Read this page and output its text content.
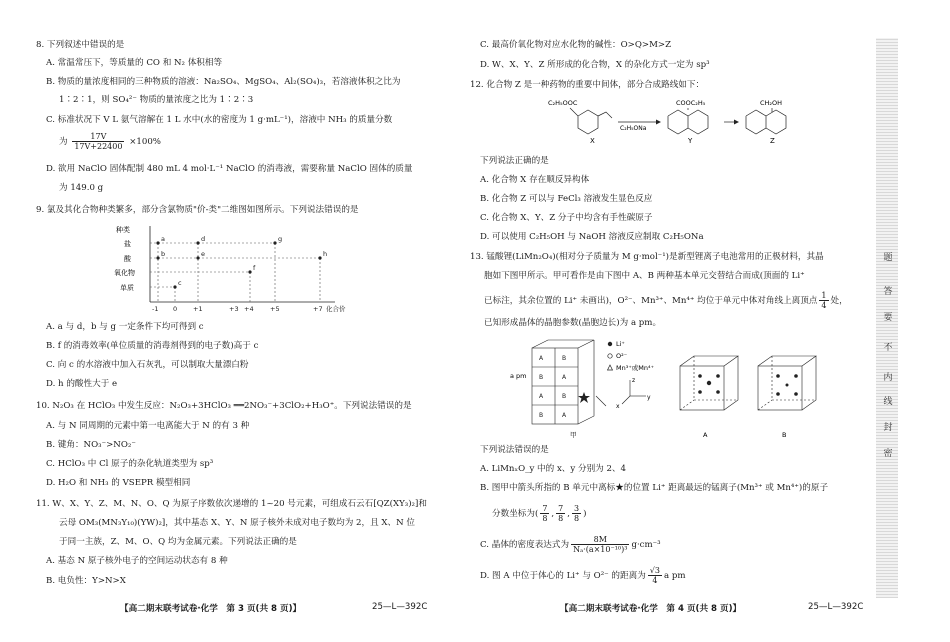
8. 下列叙述中错误的是
A. 常温常压下，等质量的 CO 和 N₂ 体积相等
B. 物质的量浓度相同的三种物质的溶液：Na₂SO₄、MgSO₄、Al₂(SO₄)₃，若溶液体积之比为
1∶2∶1，则 SO₄²⁻ 物质的量浓度之比为 1∶2∶3
C. 标准状况下 V L 氨气溶解在 1 L 水中(水的密度为 1 g·mL⁻¹)，溶液中 NH₃ 的质量分数
为 $\frac{17V}{17V+22400} \times 100\%$
D. 欲用 NaClO 固体配制 480 mL 4 mol·L⁻¹ NaClO 的消毒液，需要称量 NaClO 固体的质量
为 149.0 g
9. 氯及其化合物种类繁多，部分含氯物质"价-类"二维图如图所示。下列说法错误的是
种类
盐
酸
氧化物
单质
a
b	e
d
c
f
g
h
-1 0 +1	+3 +4	+5	+7 化合价
A. a 与 d，b 与 g 一定条件下均可得到 c
B. f 的消毒效率(单位质量的消毒剂得到的电子数)高于 c
C. 向 c 的水溶液中加入石灰乳，可以制取大量漂白粉
D. h 的酸性大于 e
10. N₂O₃ 在 HClO₃ 中发生反应：N₂O₃+3HClO₃ ══2NO₃⁻+3ClO₂+H₃O⁺。下列说法错误的是
A. 与 N 同周期的元素中第一电离能大于 N 的有 3 种
B. 键角：NO₃⁻>NO₂⁻
C. HClO₃ 中 Cl 原子的杂化轨道类型为 sp³
D. H₂O 和 NH₃ 的 VSEPR 模型相同
11. W、X、Y、Z、M、N、O、Q 为原子序数依次递增的 1~20 号元素，可组成石云石[QZ(XY₃)₂]和
云母 OM₃(MN₃Y₁₀)(YW)₂]，其中基态 X、Y、N 原子核外未成对电子数均为 2，且 X、N 位
于同一主族，Z、M、O、Q 均为金属元素。下列说法正确的是
A. 基态 N 原子核外电子的空间运动状态有 8 种
B. 电负性：Y>N>X
【高二期末联考试卷·化学　第 3 页(共 8 页)】	25—L—392C
C. 最高价氧化物对应水化物的碱性：O>Q>M>Z
D. W、X、Y、Z 所形成的化合物，X 的杂化方式一定为 sp³
12. 化合物 Z 是一种药物的重要中间体，部分合成路线如下：
C₂H₅OOC
X
C₂H₅ONa
COOC₂H₅
Y
CH₂OH
Z
下列说法正确的是
A. 化合物 X 存在顺反异构体
B. 化合物 Z 可以与 FeCl₃ 溶液发生显色反应
C. 化合物 X、Y、Z 分子中均含有手性碳原子
D. 可以使用 C₂H₅OH 与 NaOH 溶液反应制取 C₂H₅ONa
13. 锰酸锂(LiMn₂O₄)(相对分子质量为 M g·mol⁻¹)是新型锂离子电池常用的正极材料，其晶
胞如下图甲所示。甲可看作是由下图中 A、B 两种基本单元交替结合而成(顶面的 Li⁺
已标注，其余位置的 Li⁺ 未画出)，O²⁻、Mn³⁺、Mn⁴⁺ 均位于单元中体对角线上离顶点 $\frac{1}{4}$ 处，
已知形成晶体的晶胞参数(晶胞边长)为 a pm。
a pm
A	B
B	A
A	B
B	A
Li⁺
O²⁻
Mn³⁺或Mn⁴⁺
z
y
x
甲	A	B
下列说法错误的是
A. LiMnₓO_y 中的 x、y 分别为 2、4
B. 图甲中箭头所指的 B 单元中离标★的位置 Li⁺ 距离最远的锰离子(Mn³⁺ 或 Mn⁴⁺)的原子
分数坐标为( $\frac{7}{8}$ , $\frac{7}{8}$ , $\frac{3}{8}$ )
C. 晶体的密度表达式为 $\frac{8M}{\text{Nₐ·(a×10⁻¹⁰)³}} g\cdot cm^{-3}$
D. 图 A 中位于体心的 Li⁺ 与 O²⁻ 的距离为 $\frac{√3}{4}$ a pm
【高二期末联考试卷·化学　第 4 页(共 8 页)】	25—L—392C
题
答
要
不
内
线
封
密
